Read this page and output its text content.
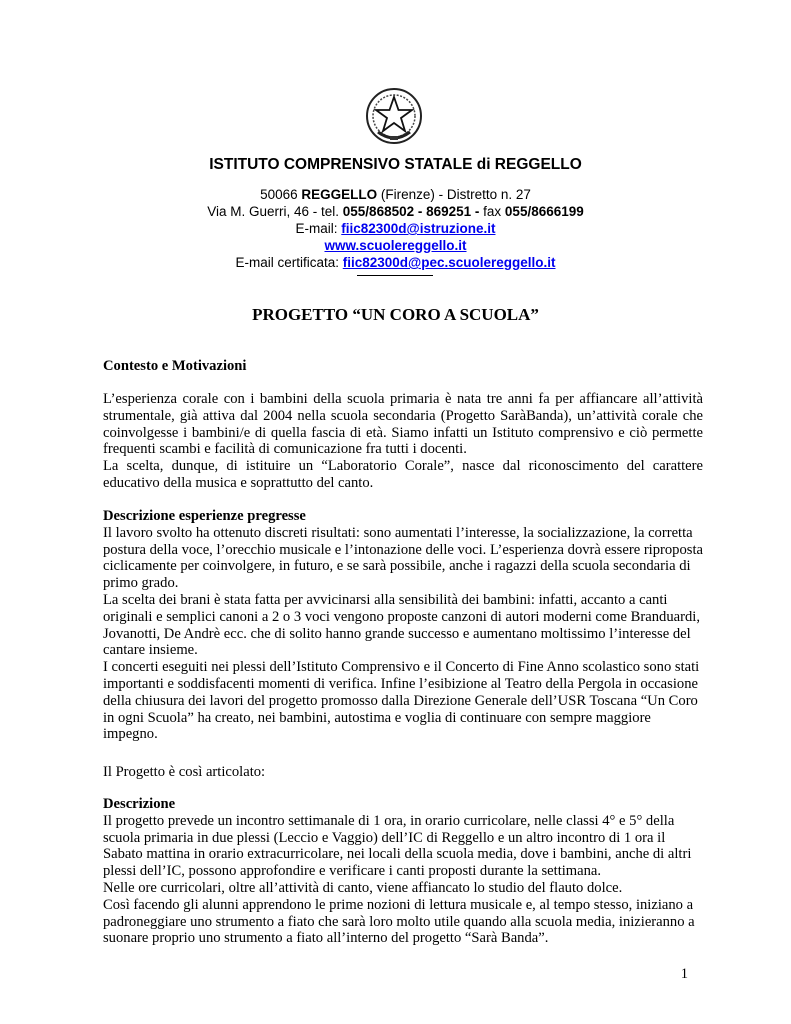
ISTITUTO COMPRENSIVO STATALE di REGGELLO
50066 REGGELLO (Firenze) - Distretto n. 27
Via M. Guerri, 46 - tel. 055/868502 - 869251 - fax 055/8666199
E-mail: fiic82300d@istruzione.it
www.scuolereggello.it
E-mail certificata: fiic82300d@pec.scuolereggello.it
PROGETTO “UN CORO A SCUOLA”

Contesto e Motivazioni

L’esperienza corale con i bambini della scuola primaria è nata tre anni fa per affiancare all’attività strumentale, già attiva dal 2004 nella scuola secondaria (Progetto SaràBanda), un’attività corale che coinvolgesse i bambini/e di quella fascia di età. Siamo infatti un Istituto comprensivo e ciò permette frequenti scambi e facilità di comunicazione fra tutti i docenti.

La scelta, dunque, di istituire un “Laboratorio Corale”, nasce dal riconoscimento del carattere educativo della musica e soprattutto del canto.

Descrizione esperienze pregresse

Il lavoro svolto ha ottenuto discreti risultati: sono aumentati l’interesse, la socializzazione, la corretta postura della voce, l’orecchio musicale e l’intonazione delle voci. L’esperienza dovrà essere riproposta ciclicamente per coinvolgere, in futuro, e se sarà possibile, anche i ragazzi della scuola secondaria di primo grado.

La scelta dei brani è stata fatta per avvicinarsi alla sensibilità dei bambini: infatti, accanto a canti originali e semplici canoni a 2 o 3 voci vengono proposte canzoni di autori moderni come Branduardi, Jovanotti, De Andrè ecc. che di solito hanno grande successo e aumentano moltissimo l’interesse del cantare insieme.

I concerti eseguiti nei plessi dell’Istituto Comprensivo e il Concerto di Fine Anno scolastico sono stati importanti e soddisfacenti momenti di verifica. Infine l’esibizione al Teatro della Pergola in occasione della chiusura dei lavori del progetto promosso dalla Direzione Generale dell’USR Toscana “Un Coro in ogni Scuola” ha creato, nei bambini, autostima e voglia di continuare con sempre maggiore impegno.

Il Progetto è così articolato:

Descrizione

Il progetto prevede un incontro settimanale di 1 ora, in orario curricolare, nelle classi 4° e 5° della scuola primaria in due plessi (Leccio e Vaggio) dell’IC di Reggello e un altro incontro di 1 ora il Sabato mattina in orario extracurricolare, nei locali della scuola media, dove i bambini, anche di altri plessi dell’IC, possono approfondire e verificare i canti proposti durante la settimana.

Nelle ore curricolari, oltre all’attività di canto, viene affiancato lo studio del flauto dolce.

Così facendo gli alunni apprendono le prime nozioni di lettura musicale e, al tempo stesso, iniziano a padroneggiare uno strumento a fiato che sarà loro molto utile quando alla scuola media, inizieranno a suonare proprio uno strumento a fiato all’interno del progetto “Sarà Banda”.

1
